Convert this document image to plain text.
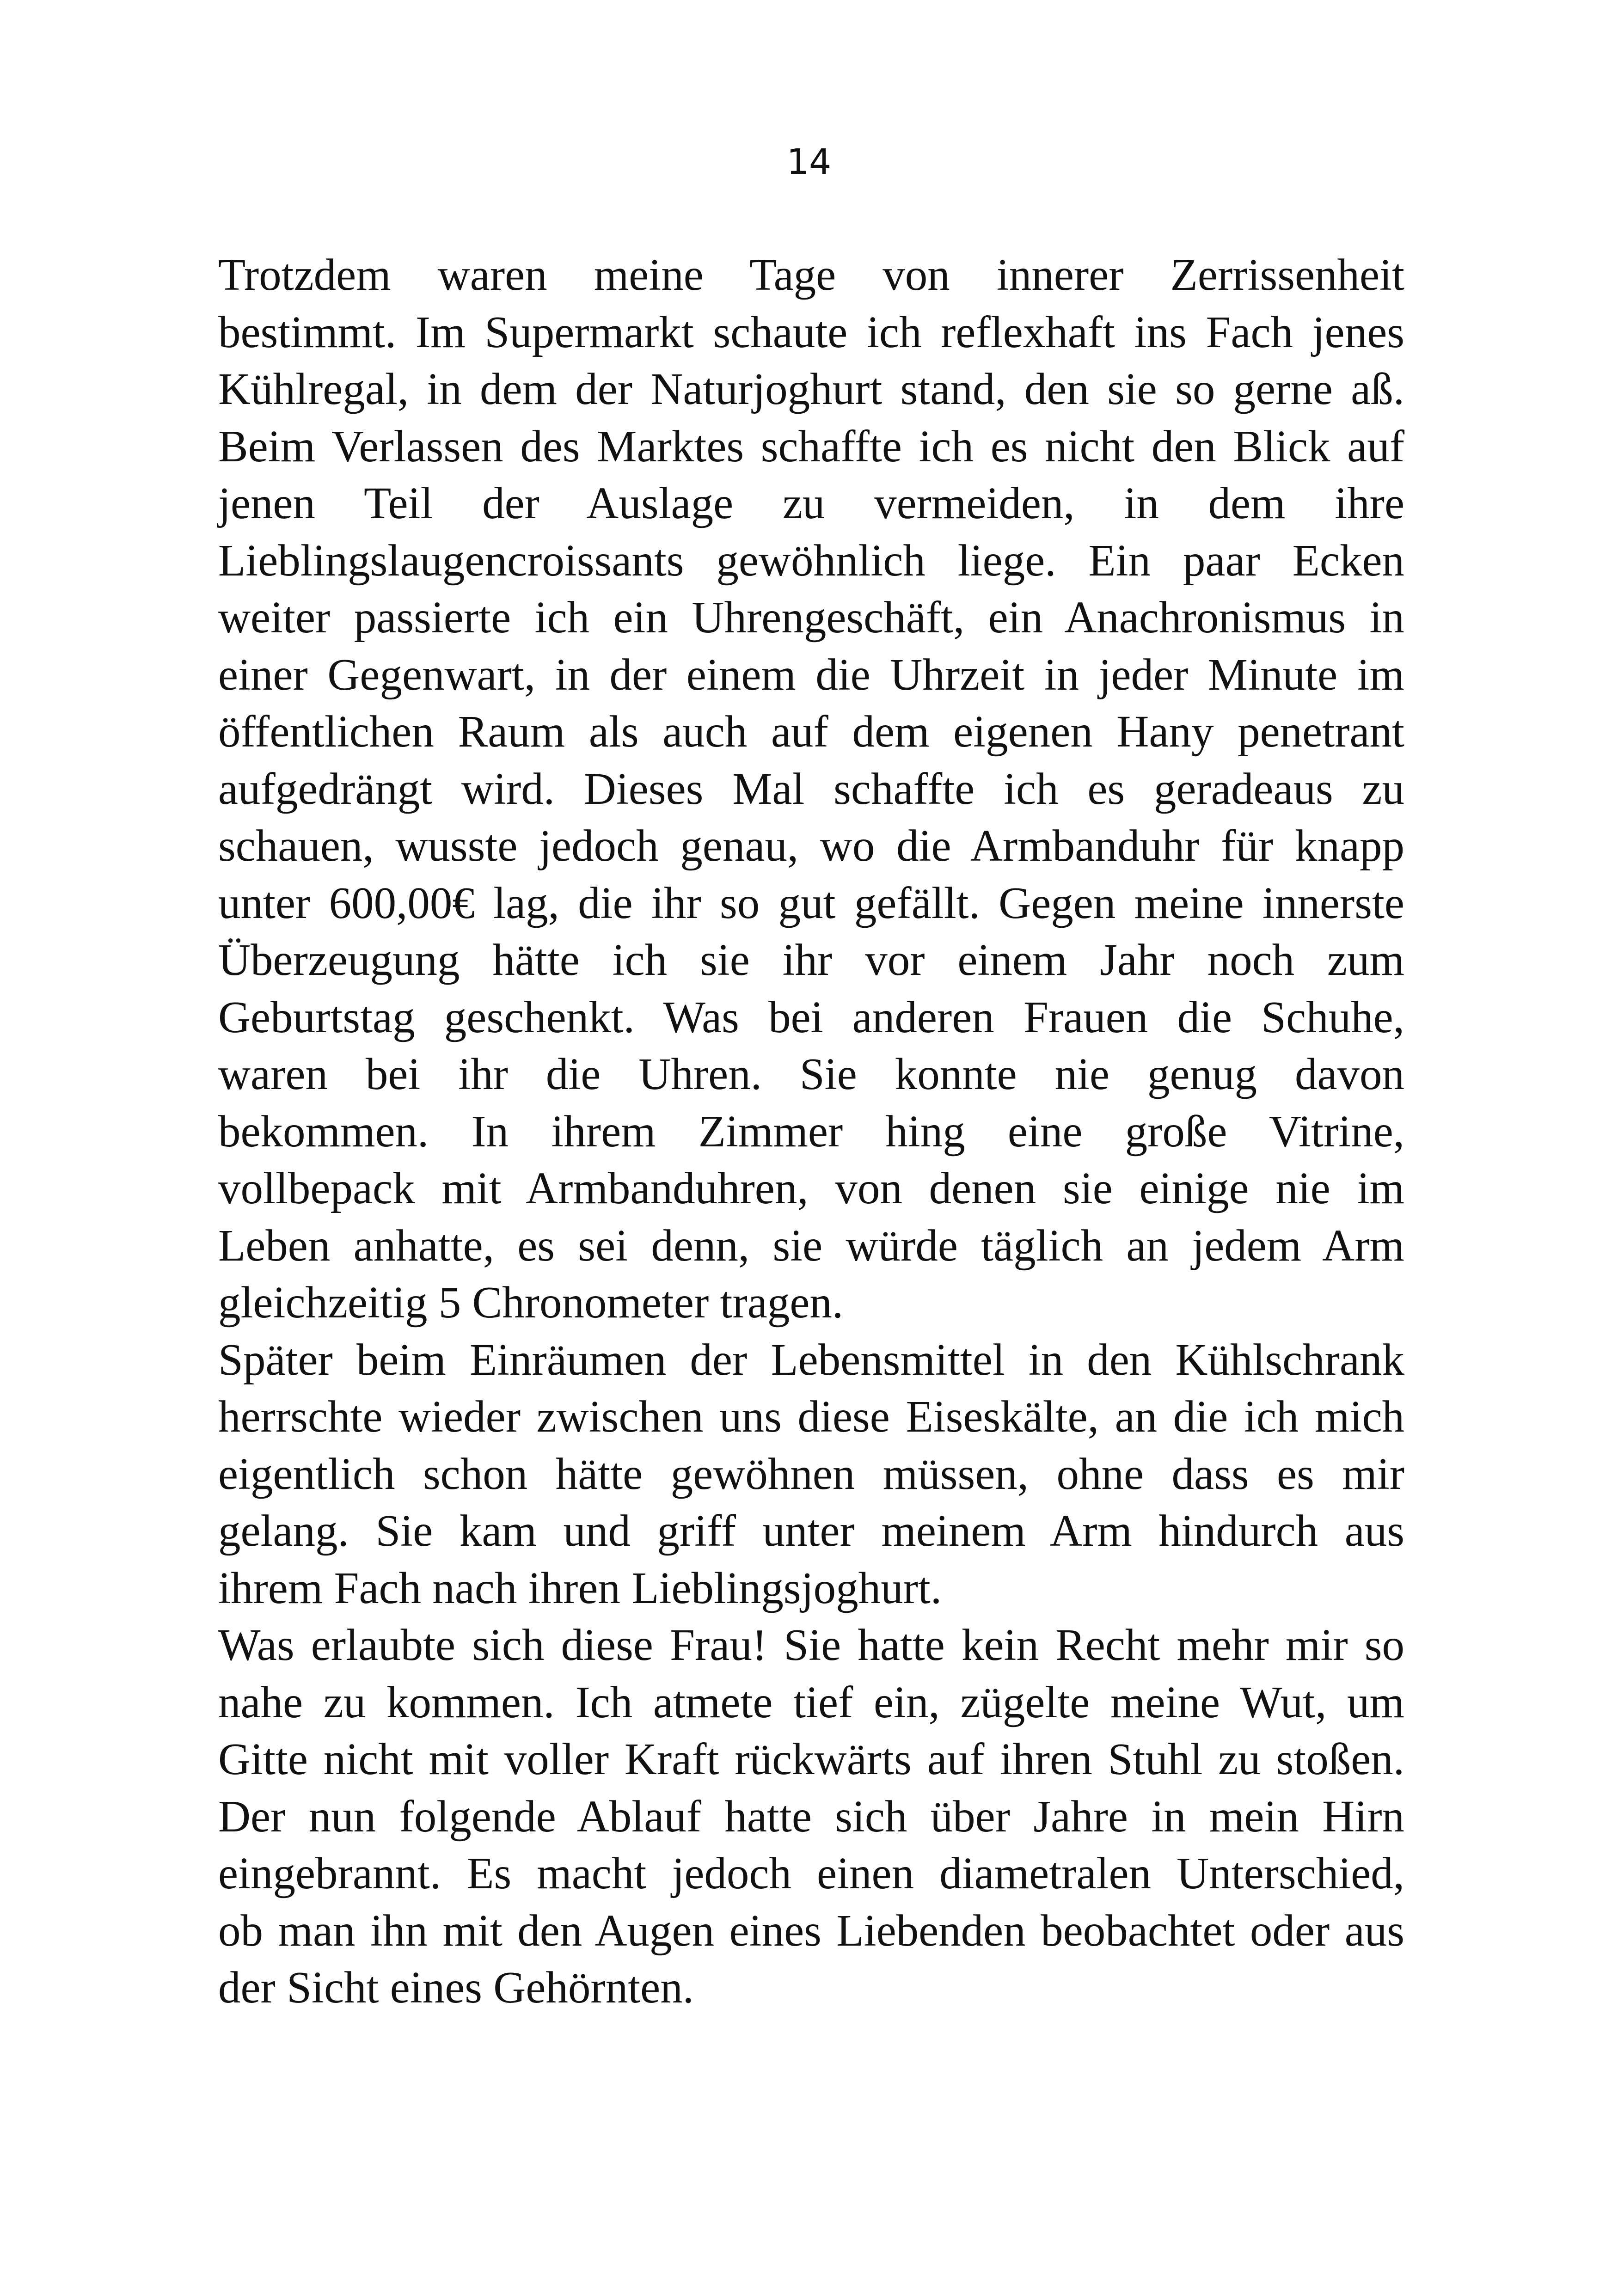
14
Trotzdem waren meine Tage von innerer Zerrissenheit
bestimmt. Im Supermarkt schaute ich reflexhaft ins Fach jenes
Kühlregal, in dem der Naturjoghurt stand, den sie so gerne aß.
Beim Verlassen des Marktes schaffte ich es nicht den Blick auf
jenen Teil der Auslage zu vermeiden, in dem ihre
Lieblingslaugencroissants gewöhnlich liege. Ein paar Ecken
weiter passierte ich ein Uhrengeschäft, ein Anachronismus in
einer Gegenwart, in der einem die Uhrzeit in jeder Minute im
öffentlichen Raum als auch auf dem eigenen Hany penetrant
aufgedrängt wird. Dieses Mal schaffte ich es geradeaus zu
schauen, wusste jedoch genau, wo die Armbanduhr für knapp
unter 600,00€ lag, die ihr so gut gefällt. Gegen meine innerste
Überzeugung hätte ich sie ihr vor einem Jahr noch zum
Geburtstag geschenkt. Was bei anderen Frauen die Schuhe,
waren bei ihr die Uhren. Sie konnte nie genug davon
bekommen. In ihrem Zimmer hing eine große Vitrine,
vollbepack mit Armbanduhren, von denen sie einige nie im
Leben anhatte, es sei denn, sie würde täglich an jedem Arm
gleichzeitig 5 Chronometer tragen.
Später beim Einräumen der Lebensmittel in den Kühlschrank
herrschte wieder zwischen uns diese Eiseskälte, an die ich mich
eigentlich schon hätte gewöhnen müssen, ohne dass es mir
gelang. Sie kam und griff unter meinem Arm hindurch aus
ihrem Fach nach ihren Lieblingsjoghurt.
Was erlaubte sich diese Frau! Sie hatte kein Recht mehr mir so
nahe zu kommen. Ich atmete tief ein, zügelte meine Wut, um
Gitte nicht mit voller Kraft rückwärts auf ihren Stuhl zu stoßen.
Der nun folgende Ablauf hatte sich über Jahre in mein Hirn
eingebrannt. Es macht jedoch einen diametralen Unterschied,
ob man ihn mit den Augen eines Liebenden beobachtet oder aus
der Sicht eines Gehörnten.
